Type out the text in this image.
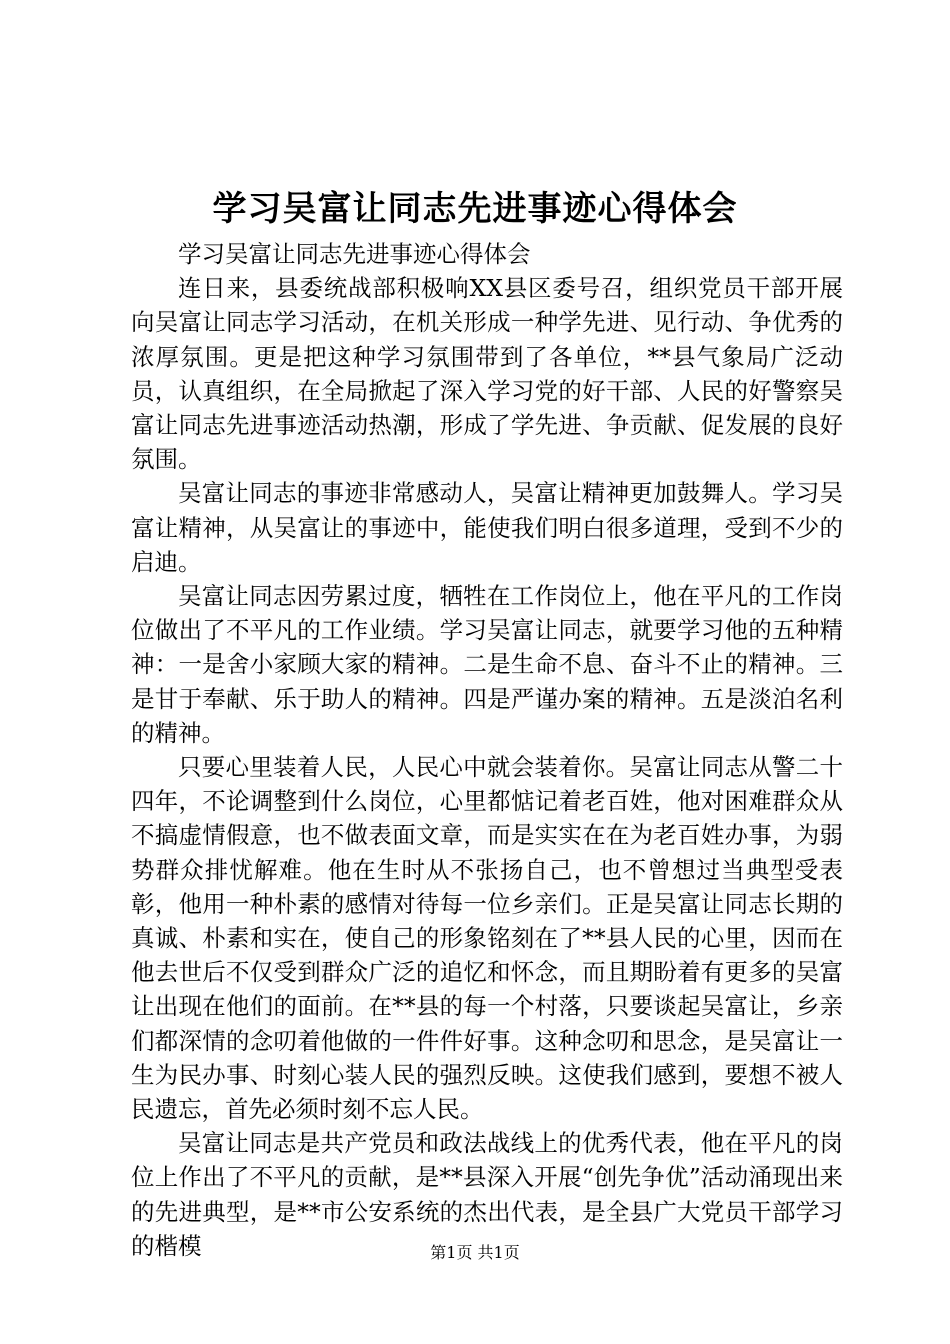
学习吴富让同志先进事迹心得体会

学习吴富让同志先进事迹心得体会

连日来，县委统战部积极响XX县区委号召，组织党员干部开展向吴富让同志学习活动，在机关形成一种学先进、见行动、争优秀的浓厚氛围。更是把这种学习氛围带到了各单位，**县气象局广泛动员，认真组织，在全局掀起了深入学习党的好干部、人民的好警察吴富让同志先进事迹活动热潮，形成了学先进、争贡献、促发展的良好氛围。

吴富让同志的事迹非常感动人，吴富让精神更加鼓舞人。学习吴富让精神，从吴富让的事迹中，能使我们明白很多道理，受到不少的启迪。

吴富让同志因劳累过度，牺牲在工作岗位上，他在平凡的工作岗位做出了不平凡的工作业绩。学习吴富让同志，就要学习他的五种精神：一是舍小家顾大家的精神。二是生命不息、奋斗不止的精神。三是甘于奉献、乐于助人的精神。四是严谨办案的精神。五是淡泊名利的精神。

只要心里装着人民，人民心中就会装着你。吴富让同志从警二十四年，不论调整到什么岗位，心里都惦记着老百姓，他对困难群众从不搞虚情假意，也不做表面文章，而是实实在在为老百姓办事，为弱势群众排忧解难。他在生时从不张扬自己，也不曾想过当典型受表彰，他用一种朴素的感情对待每一位乡亲们。正是吴富让同志长期的真诚、朴素和实在，使自己的形象铭刻在了**县人民的心里，因而在他去世后不仅受到群众广泛的追忆和怀念，而且期盼着有更多的吴富让出现在他们的面前。在**县的每一个村落，只要谈起吴富让，乡亲们都深情的念叨着他做的一件件好事。这种念叨和思念，是吴富让一生为民办事、时刻心装人民的强烈反映。这使我们感到，要想不被人民遗忘，首先必须时刻不忘人民。

吴富让同志是共产党员和政法战线上的优秀代表，他在平凡的岗位上作出了不平凡的贡献，是**县深入开展“创先争优”活动涌现出来的先进典型，是**市公安系统的杰出代表，是全县广大党员干部学习的楷模	第1页 共1页
